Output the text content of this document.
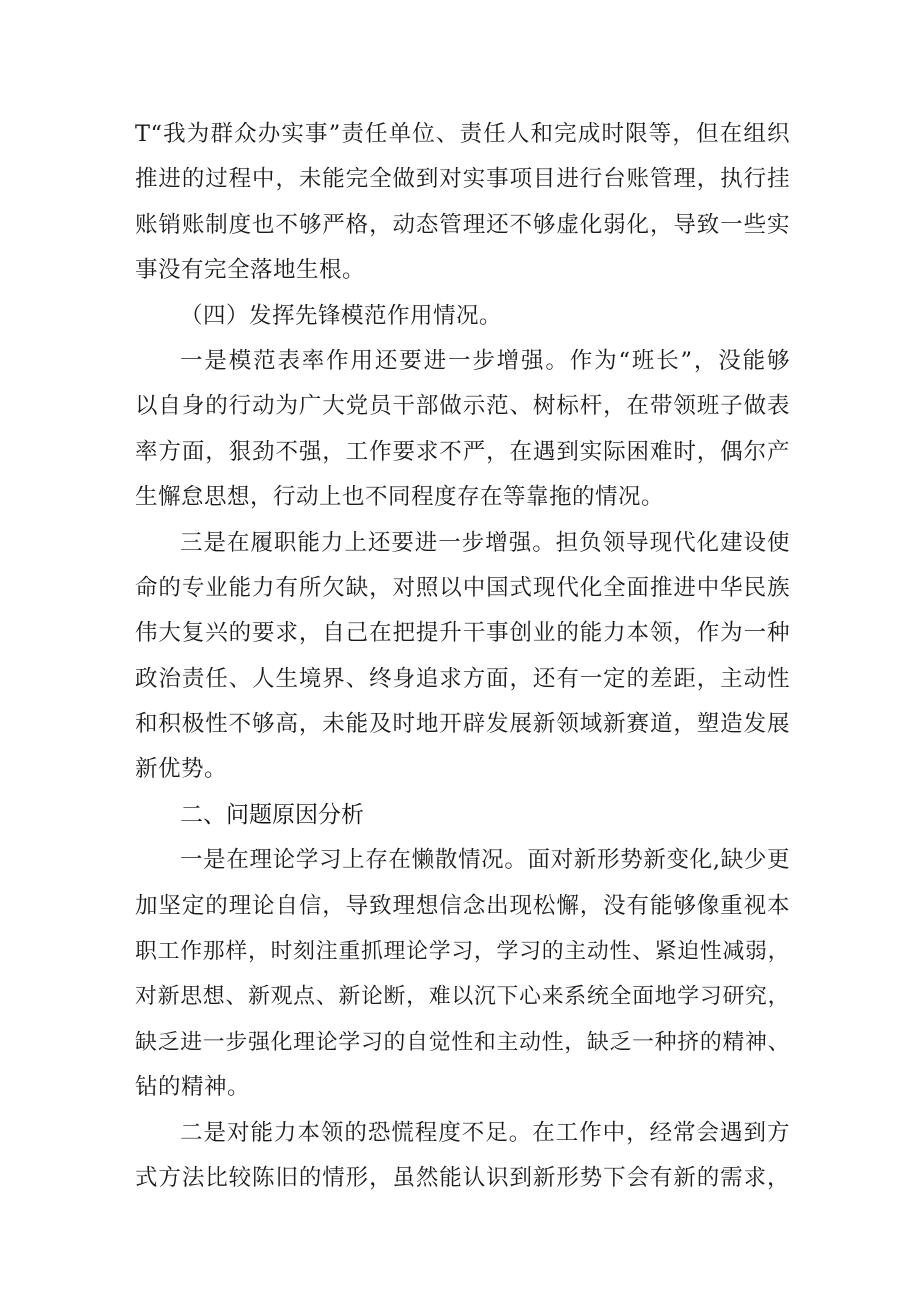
T“我为群众办实事”责任单位、责任人和完成时限等，但在组织
推进的过程中，未能完全做到对实事项目进行台账管理，执行挂
账销账制度也不够严格，动态管理还不够虚化弱化，导致一些实
事没有完全落地生根。
（四）发挥先锋模范作用情况。
一是模范表率作用还要进一步增强。作为“班长”，没能够
以自身的行动为广大党员干部做示范、树标杆，在带领班子做表
率方面，狠劲不强，工作要求不严，在遇到实际困难时，偶尔产
生懈怠思想，行动上也不同程度存在等靠拖的情况。
三是在履职能力上还要进一步增强。担负领导现代化建设使
命的专业能力有所欠缺，对照以中国式现代化全面推进中华民族
伟大复兴的要求，自己在把提升干事创业的能力本领，作为一种
政治责任、人生境界、终身追求方面，还有一定的差距，主动性
和积极性不够高，未能及时地开辟发展新领域新赛道，塑造发展
新优势。
二、问题原因分析
一是在理论学习上存在懒散情况。面对新形势新变化,缺少更
加坚定的理论自信，导致理想信念出现松懈，没有能够像重视本
职工作那样，时刻注重抓理论学习，学习的主动性、紧迫性减弱，
对新思想、新观点、新论断，难以沉下心来系统全面地学习研究，
缺乏进一步强化理论学习的自觉性和主动性，缺乏一种挤的精神、
钻的精神。
二是对能力本领的恐慌程度不足。在工作中，经常会遇到方
式方法比较陈旧的情形，虽然能认识到新形势下会有新的需求，
